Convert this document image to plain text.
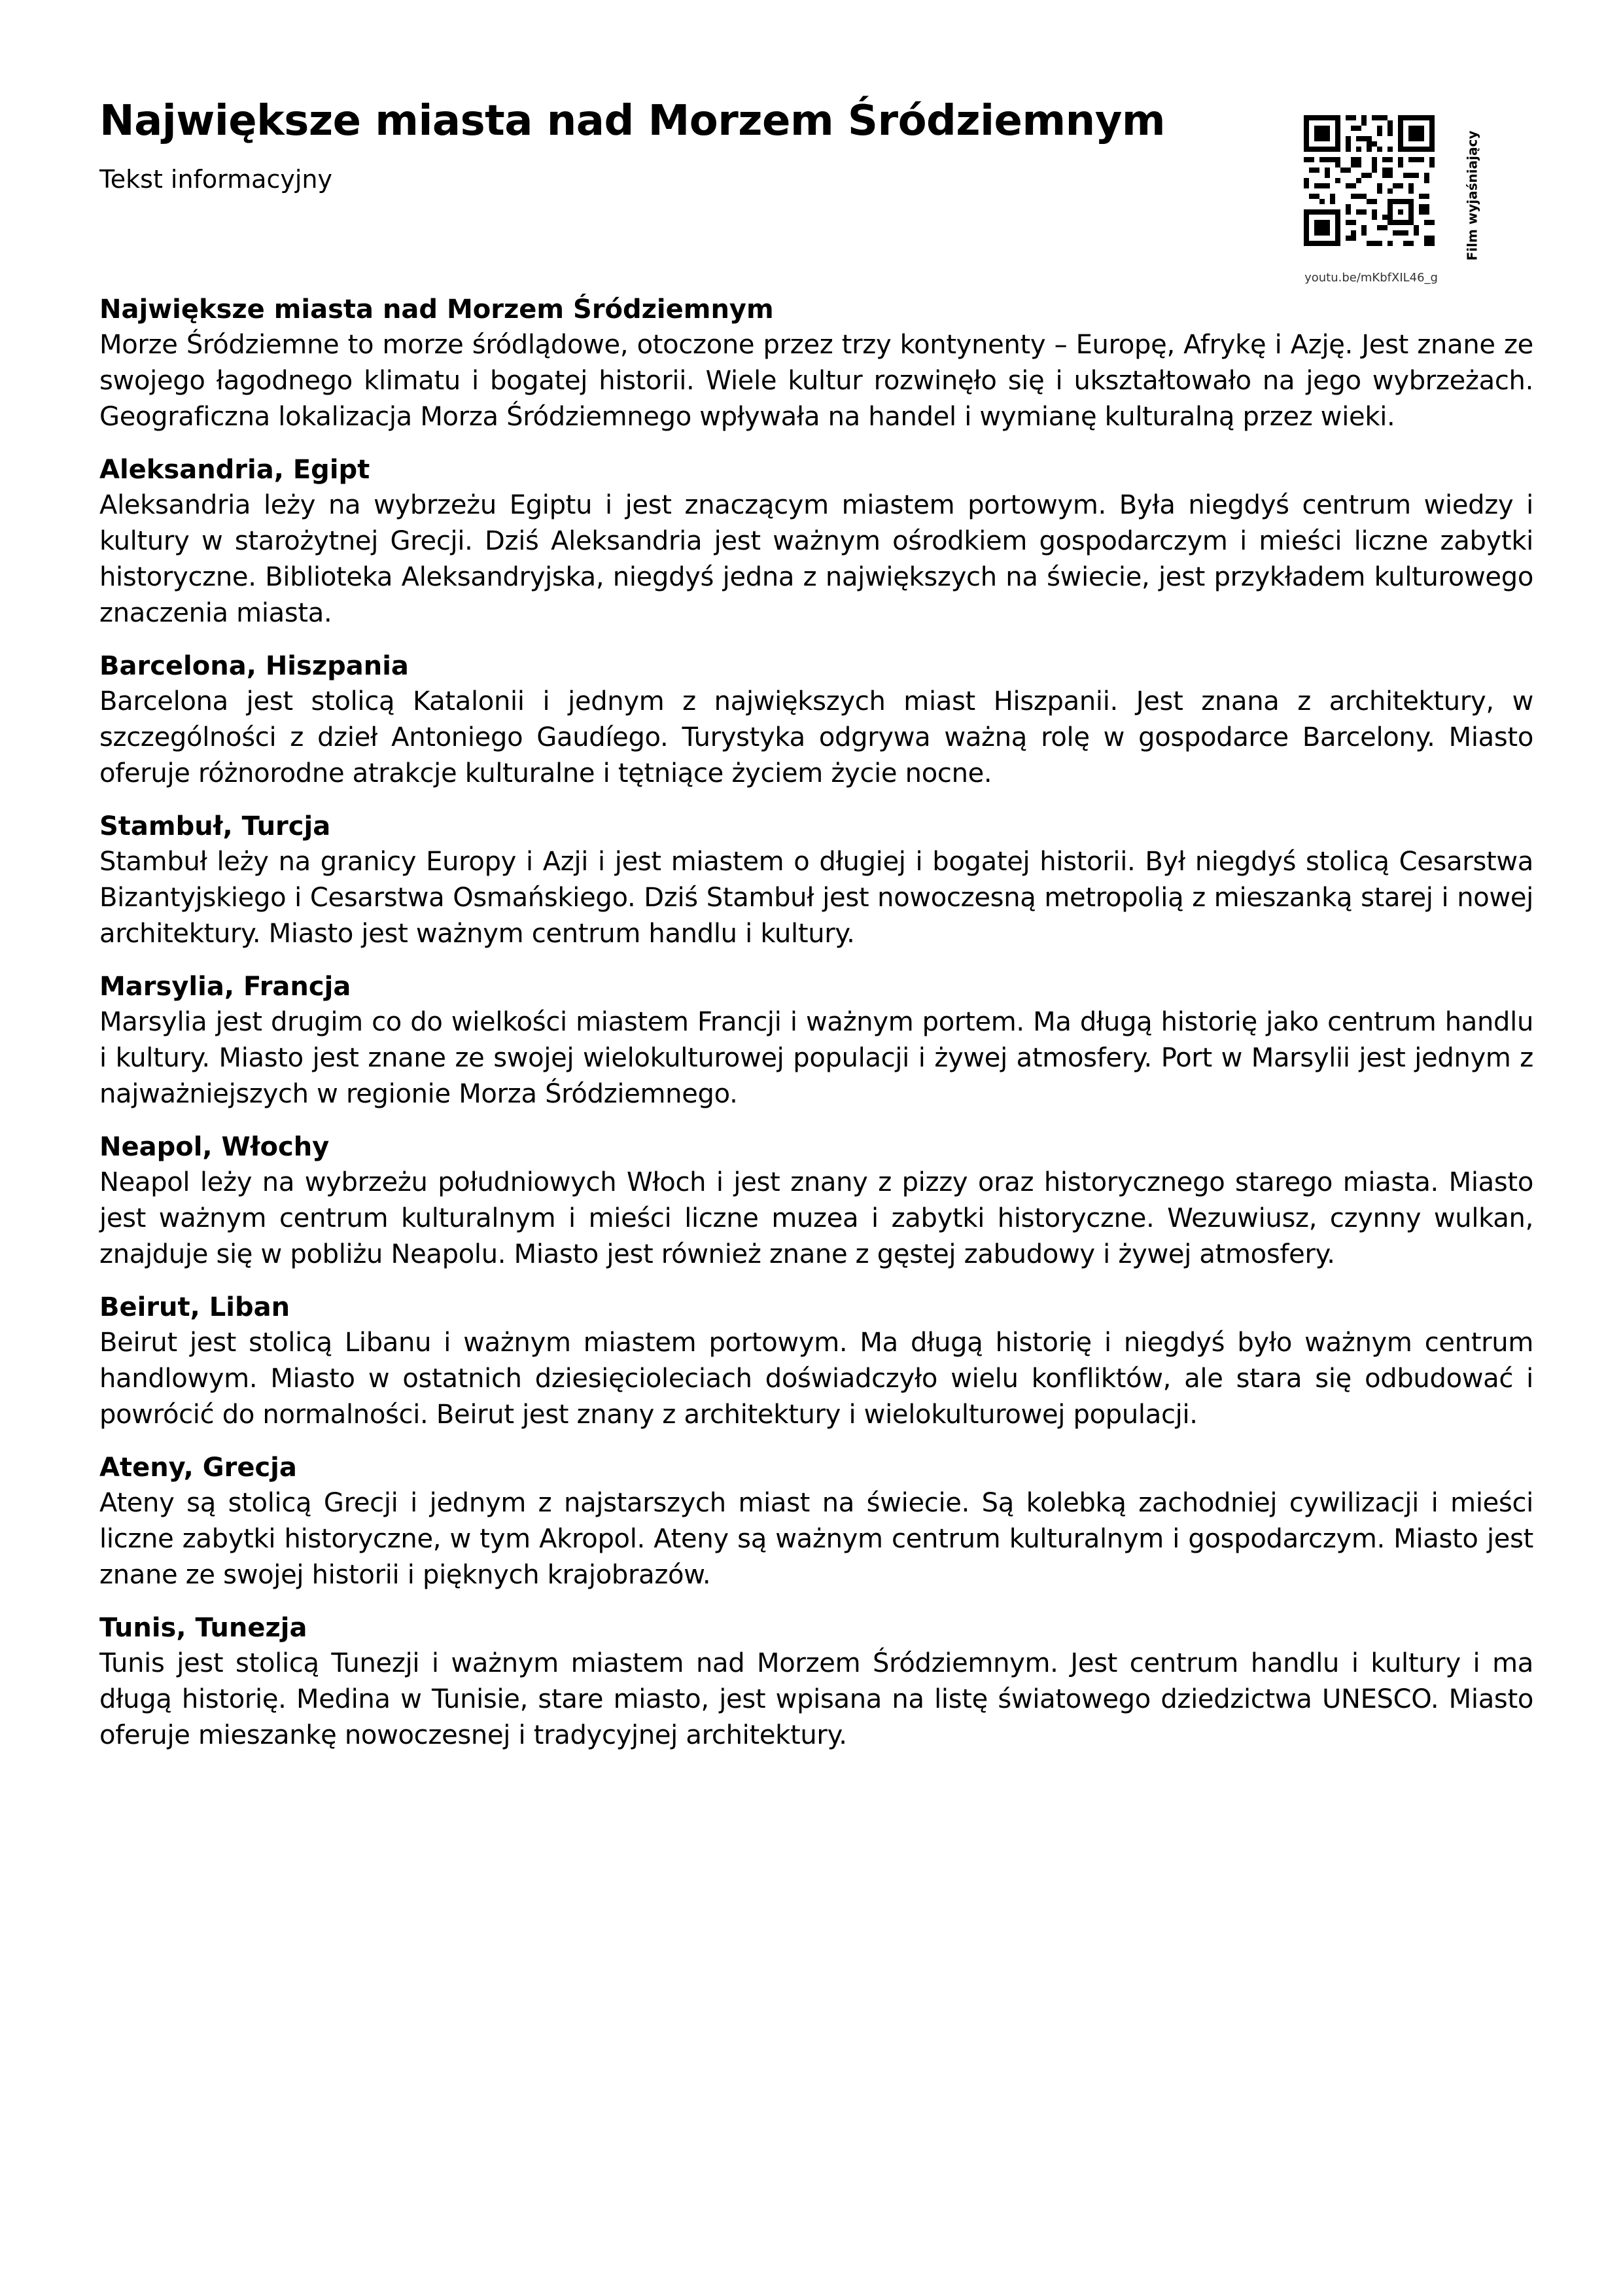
Największe miasta nad Morzem Śródziemnym
Tekst informacyjny
youtu.be/mKbfXIL46_g
Film wyjaśniający
Największe miasta nad Morzem Śródziemnym

Morze Śródziemne to morze śródlądowe, otoczone przez trzy kontynenty – Europę, Afrykę i Azję. Jest znane ze swojego łagodnego klimatu i bogatej historii. Wiele kultur rozwinęło się i ukształtowało na jego wybrzeżach. Geograficzna lokalizacja Morza Śródziemnego wpływała na handel i wymianę kulturalną przez wieki.

Aleksandria, Egipt

Aleksandria leży na wybrzeżu Egiptu i jest znaczącym miastem portowym. Była niegdyś centrum wiedzy i kultury w starożytnej Grecji. Dziś Aleksandria jest ważnym ośrodkiem gospodarczym i mieści liczne zabytki historyczne. Biblioteka Aleksandryjska, niegdyś jedna z największych na świecie, jest przykładem kulturowego znaczenia miasta.

Barcelona, Hiszpania

Barcelona jest stolicą Katalonii i jednym z największych miast Hiszpanii. Jest znana z architektury, w szczególności z dzieł Antoniego Gaudíego. Turystyka odgrywa ważną rolę w gospodarce Barcelony. Miasto oferuje różnorodne atrakcje kulturalne i tętniące życiem życie nocne.

Stambuł, Turcja

Stambuł leży na granicy Europy i Azji i jest miastem o długiej i bogatej historii. Był niegdyś stolicą Cesarstwa Bizantyjskiego i Cesarstwa Osmańskiego. Dziś Stambuł jest nowoczesną metropolią z mieszanką starej i nowej architektury. Miasto jest ważnym centrum handlu i kultury.

Marsylia, Francja

Marsylia jest drugim co do wielkości miastem Francji i ważnym portem. Ma długą historię jako centrum handlu i kultury. Miasto jest znane ze swojej wielokulturowej populacji i żywej atmosfery. Port w Marsylii jest jednym z najważniejszych w regionie Morza Śródziemnego.

Neapol, Włochy

Neapol leży na wybrzeżu południowych Włoch i jest znany z pizzy oraz historycznego starego miasta. Miasto jest ważnym centrum kulturalnym i mieści liczne muzea i zabytki historyczne. Wezuwiusz, czynny wulkan, znajduje się w pobliżu Neapolu. Miasto jest również znane z gęstej zabudowy i żywej atmosfery.

Beirut, Liban

Beirut jest stolicą Libanu i ważnym miastem portowym. Ma długą historię i niegdyś było ważnym centrum handlowym. Miasto w ostatnich dziesięcioleciach doświadczyło wielu konfliktów, ale stara się odbudować i powrócić do normalności. Beirut jest znany z architektury i wielokulturowej populacji.

Ateny, Grecja

Ateny są stolicą Grecji i jednym z najstarszych miast na świecie. Są kolebką zachodniej cywilizacji i mieści liczne zabytki historyczne, w tym Akropol. Ateny są ważnym centrum kulturalnym i gospodarczym. Miasto jest znane ze swojej historii i pięknych krajobrazów.

Tunis, Tunezja

Tunis jest stolicą Tunezji i ważnym miastem nad Morzem Śródziemnym. Jest centrum handlu i kultury i ma długą historię. Medina w Tunisie, stare miasto, jest wpisana na listę światowego dziedzictwa UNESCO. Miasto oferuje mieszankę nowoczesnej i tradycyjnej architektury.
